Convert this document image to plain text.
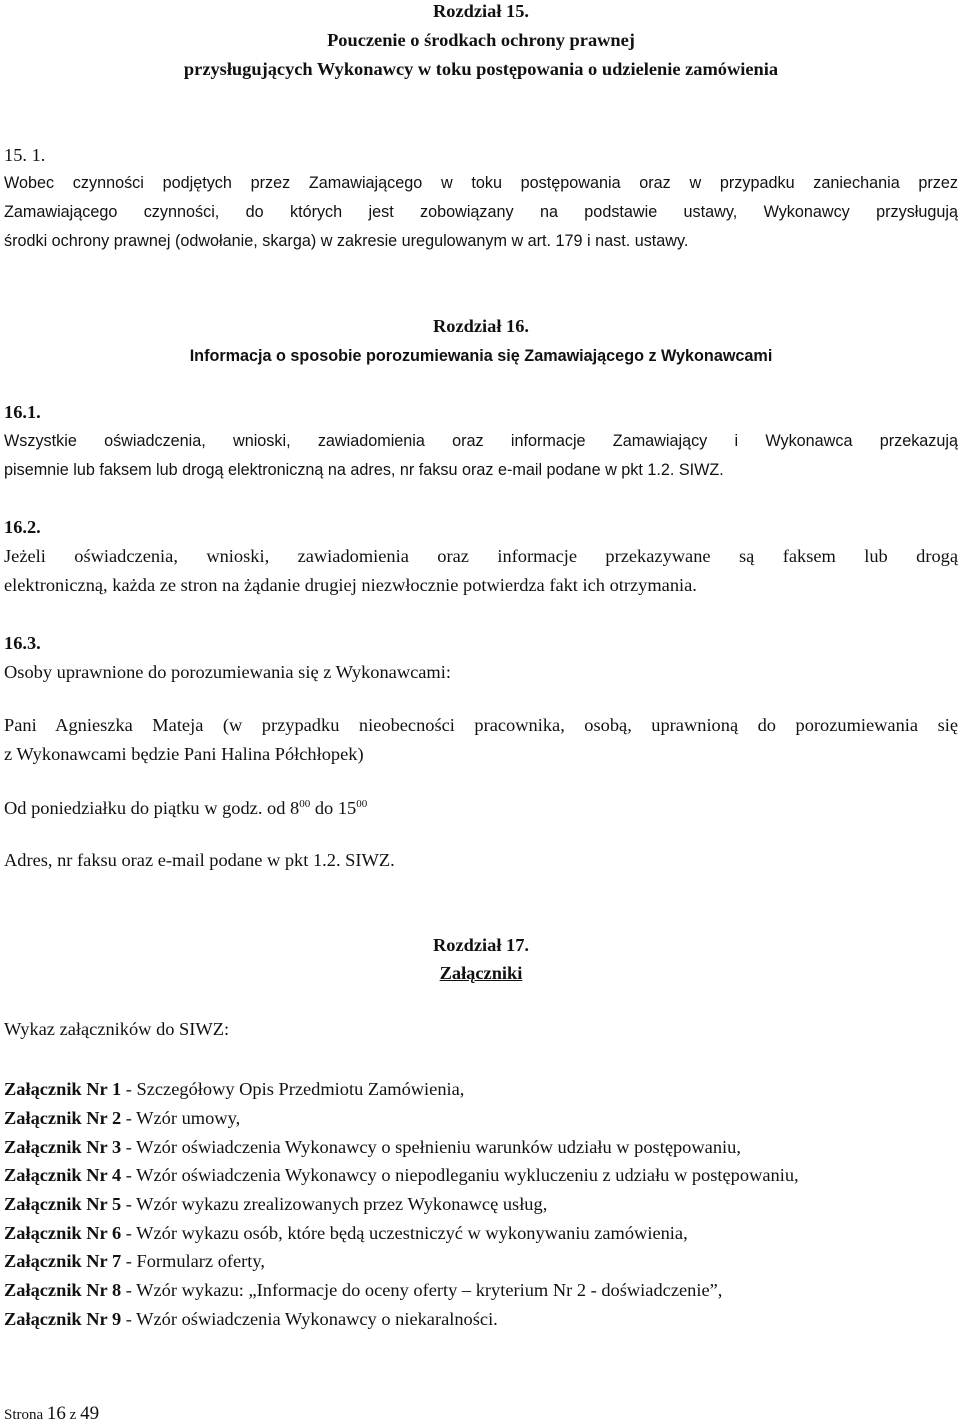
Rozdział 15.
Pouczenie o środkach ochrony prawnej
przysługujących Wykonawcy w toku postępowania o udzielenie zamówienia
15. 1.
Wobec czynności podjętych przez Zamawiającego w toku postępowania oraz w przypadku zaniechania przez
Zamawiającego czynności, do których jest zobowiązany na podstawie ustawy, Wykonawcy przysługują
środki ochrony prawnej (odwołanie, skarga) w zakresie uregulowanym w art. 179 i nast. ustawy.
Rozdział 16.
Informacja o sposobie porozumiewania się Zamawiającego z Wykonawcami
16.1.
Wszystkie oświadczenia, wnioski, zawiadomienia oraz informacje Zamawiający i Wykonawca przekazują
pisemnie lub faksem lub drogą elektroniczną na adres, nr faksu oraz e-mail podane w pkt 1.2. SIWZ.
16.2.
Jeżeli oświadczenia, wnioski, zawiadomienia oraz informacje przekazywane są faksem lub drogą
elektroniczną, każda ze stron na żądanie drugiej niezwłocznie potwierdza fakt ich otrzymania.
16.3.
Osoby uprawnione do porozumiewania się z Wykonawcami:
Pani Agnieszka Mateja (w przypadku nieobecności pracownika, osobą, uprawnioną do porozumiewania się
z Wykonawcami będzie Pani Halina Półchłopek)
Od poniedziałku do piątku w godz. od $8^{00}$ do $15^{00}$
Adres, nr faksu oraz e-mail podane w pkt 1.2. SIWZ.
Rozdział 17.
Załączniki
Wykaz załączników do SIWZ:
Załącznik Nr 1 - Szczegółowy Opis Przedmiotu Zamówienia,
Załącznik Nr 2 - Wzór umowy,
Załącznik Nr 3 - Wzór oświadczenia Wykonawcy o spełnieniu warunków udziału w postępowaniu,
Załącznik Nr 4 - Wzór oświadczenia Wykonawcy o niepodleganiu wykluczeniu z udziału w postępowaniu,
Załącznik Nr 5 - Wzór wykazu zrealizowanych przez Wykonawcę usług,
Załącznik Nr 6 - Wzór wykazu osób, które będą uczestniczyć w wykonywaniu zamówienia,
Załącznik Nr 7 - Formularz oferty,
Załącznik Nr 8 - Wzór wykazu: „Informacje do oceny oferty – kryterium Nr 2 - doświadczenie”,
Załącznik Nr 9 - Wzór oświadczenia Wykonawcy o niekaralności.
Strona 16 z 49
